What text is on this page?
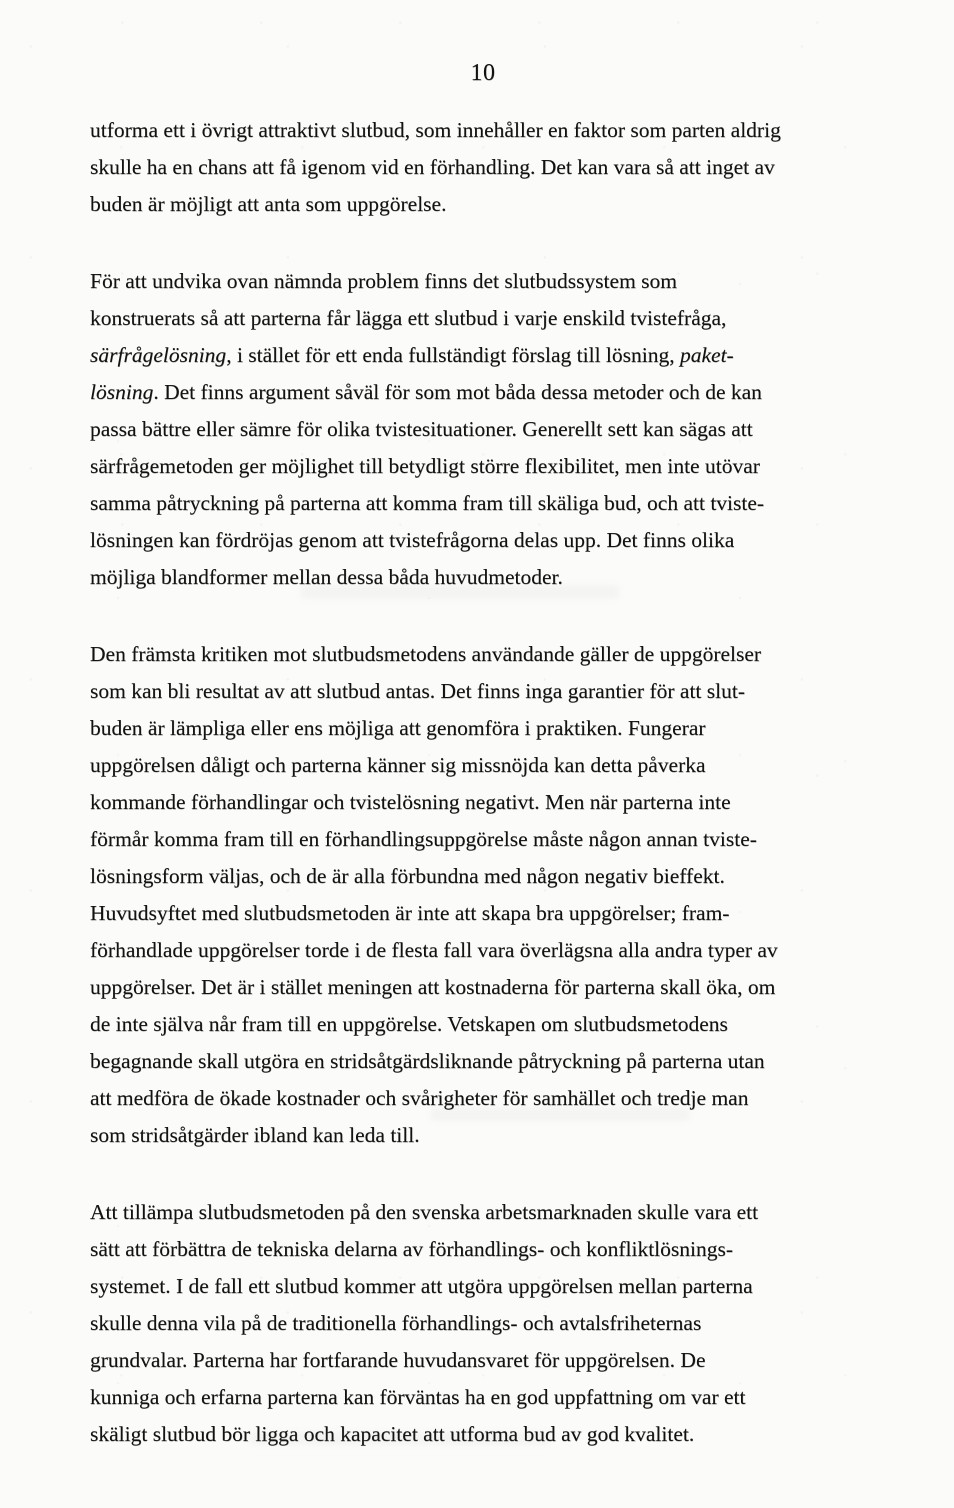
10
utforma ett i övrigt attraktivt slutbud, som innehåller en faktor som parten aldrig
skulle ha en chans att få igenom vid en förhandling. Det kan vara så att inget av
buden är möjligt att anta som uppgörelse.
För att undvika ovan nämnda problem finns det slutbudssystem som
konstruerats så att parterna får lägga ett slutbud i varje enskild tvistefråga,
särfrågelösning, i stället för ett enda fullständigt förslag till lösning, paket-
lösning. Det finns argument såväl för som mot båda dessa metoder och de kan
passa bättre eller sämre för olika tvistesituationer. Generellt sett kan sägas att
särfrågemetoden ger möjlighet till betydligt större flexibilitet, men inte utövar
samma påtryckning på parterna att komma fram till skäliga bud, och att tviste-
lösningen kan fördröjas genom att tvistefrågorna delas upp. Det finns olika
möjliga blandformer mellan dessa båda huvudmetoder.
Den främsta kritiken mot slutbudsmetodens användande gäller de uppgörelser
som kan bli resultat av att slutbud antas. Det finns inga garantier för att slut-
buden är lämpliga eller ens möjliga att genomföra i praktiken. Fungerar
uppgörelsen dåligt och parterna känner sig missnöjda kan detta påverka
kommande förhandlingar och tvistelösning negativt. Men när parterna inte
förmår komma fram till en förhandlingsuppgörelse måste någon annan tviste-
lösningsform väljas, och de är alla förbundna med någon negativ bieffekt.
Huvudsyftet med slutbudsmetoden är inte att skapa bra uppgörelser; fram-
förhandlade uppgörelser torde i de flesta fall vara överlägsna alla andra typer av
uppgörelser. Det är i stället meningen att kostnaderna för parterna skall öka, om
de inte själva når fram till en uppgörelse. Vetskapen om slutbudsmetodens
begagnande skall utgöra en stridsåtgärdsliknande påtryckning på parterna utan
att medföra de ökade kostnader och svårigheter för samhället och tredje man
som stridsåtgärder ibland kan leda till.
Att tillämpa slutbudsmetoden på den svenska arbetsmarknaden skulle vara ett
sätt att förbättra de tekniska delarna av förhandlings- och konfliktlösnings-
systemet. I de fall ett slutbud kommer att utgöra uppgörelsen mellan parterna
skulle denna vila på de traditionella förhandlings- och avtalsfriheternas
grundvalar. Parterna har fortfarande huvudansvaret för uppgörelsen. De
kunniga och erfarna parterna kan förväntas ha en god uppfattning om var ett
skäligt slutbud bör ligga och kapacitet att utforma bud av god kvalitet.
